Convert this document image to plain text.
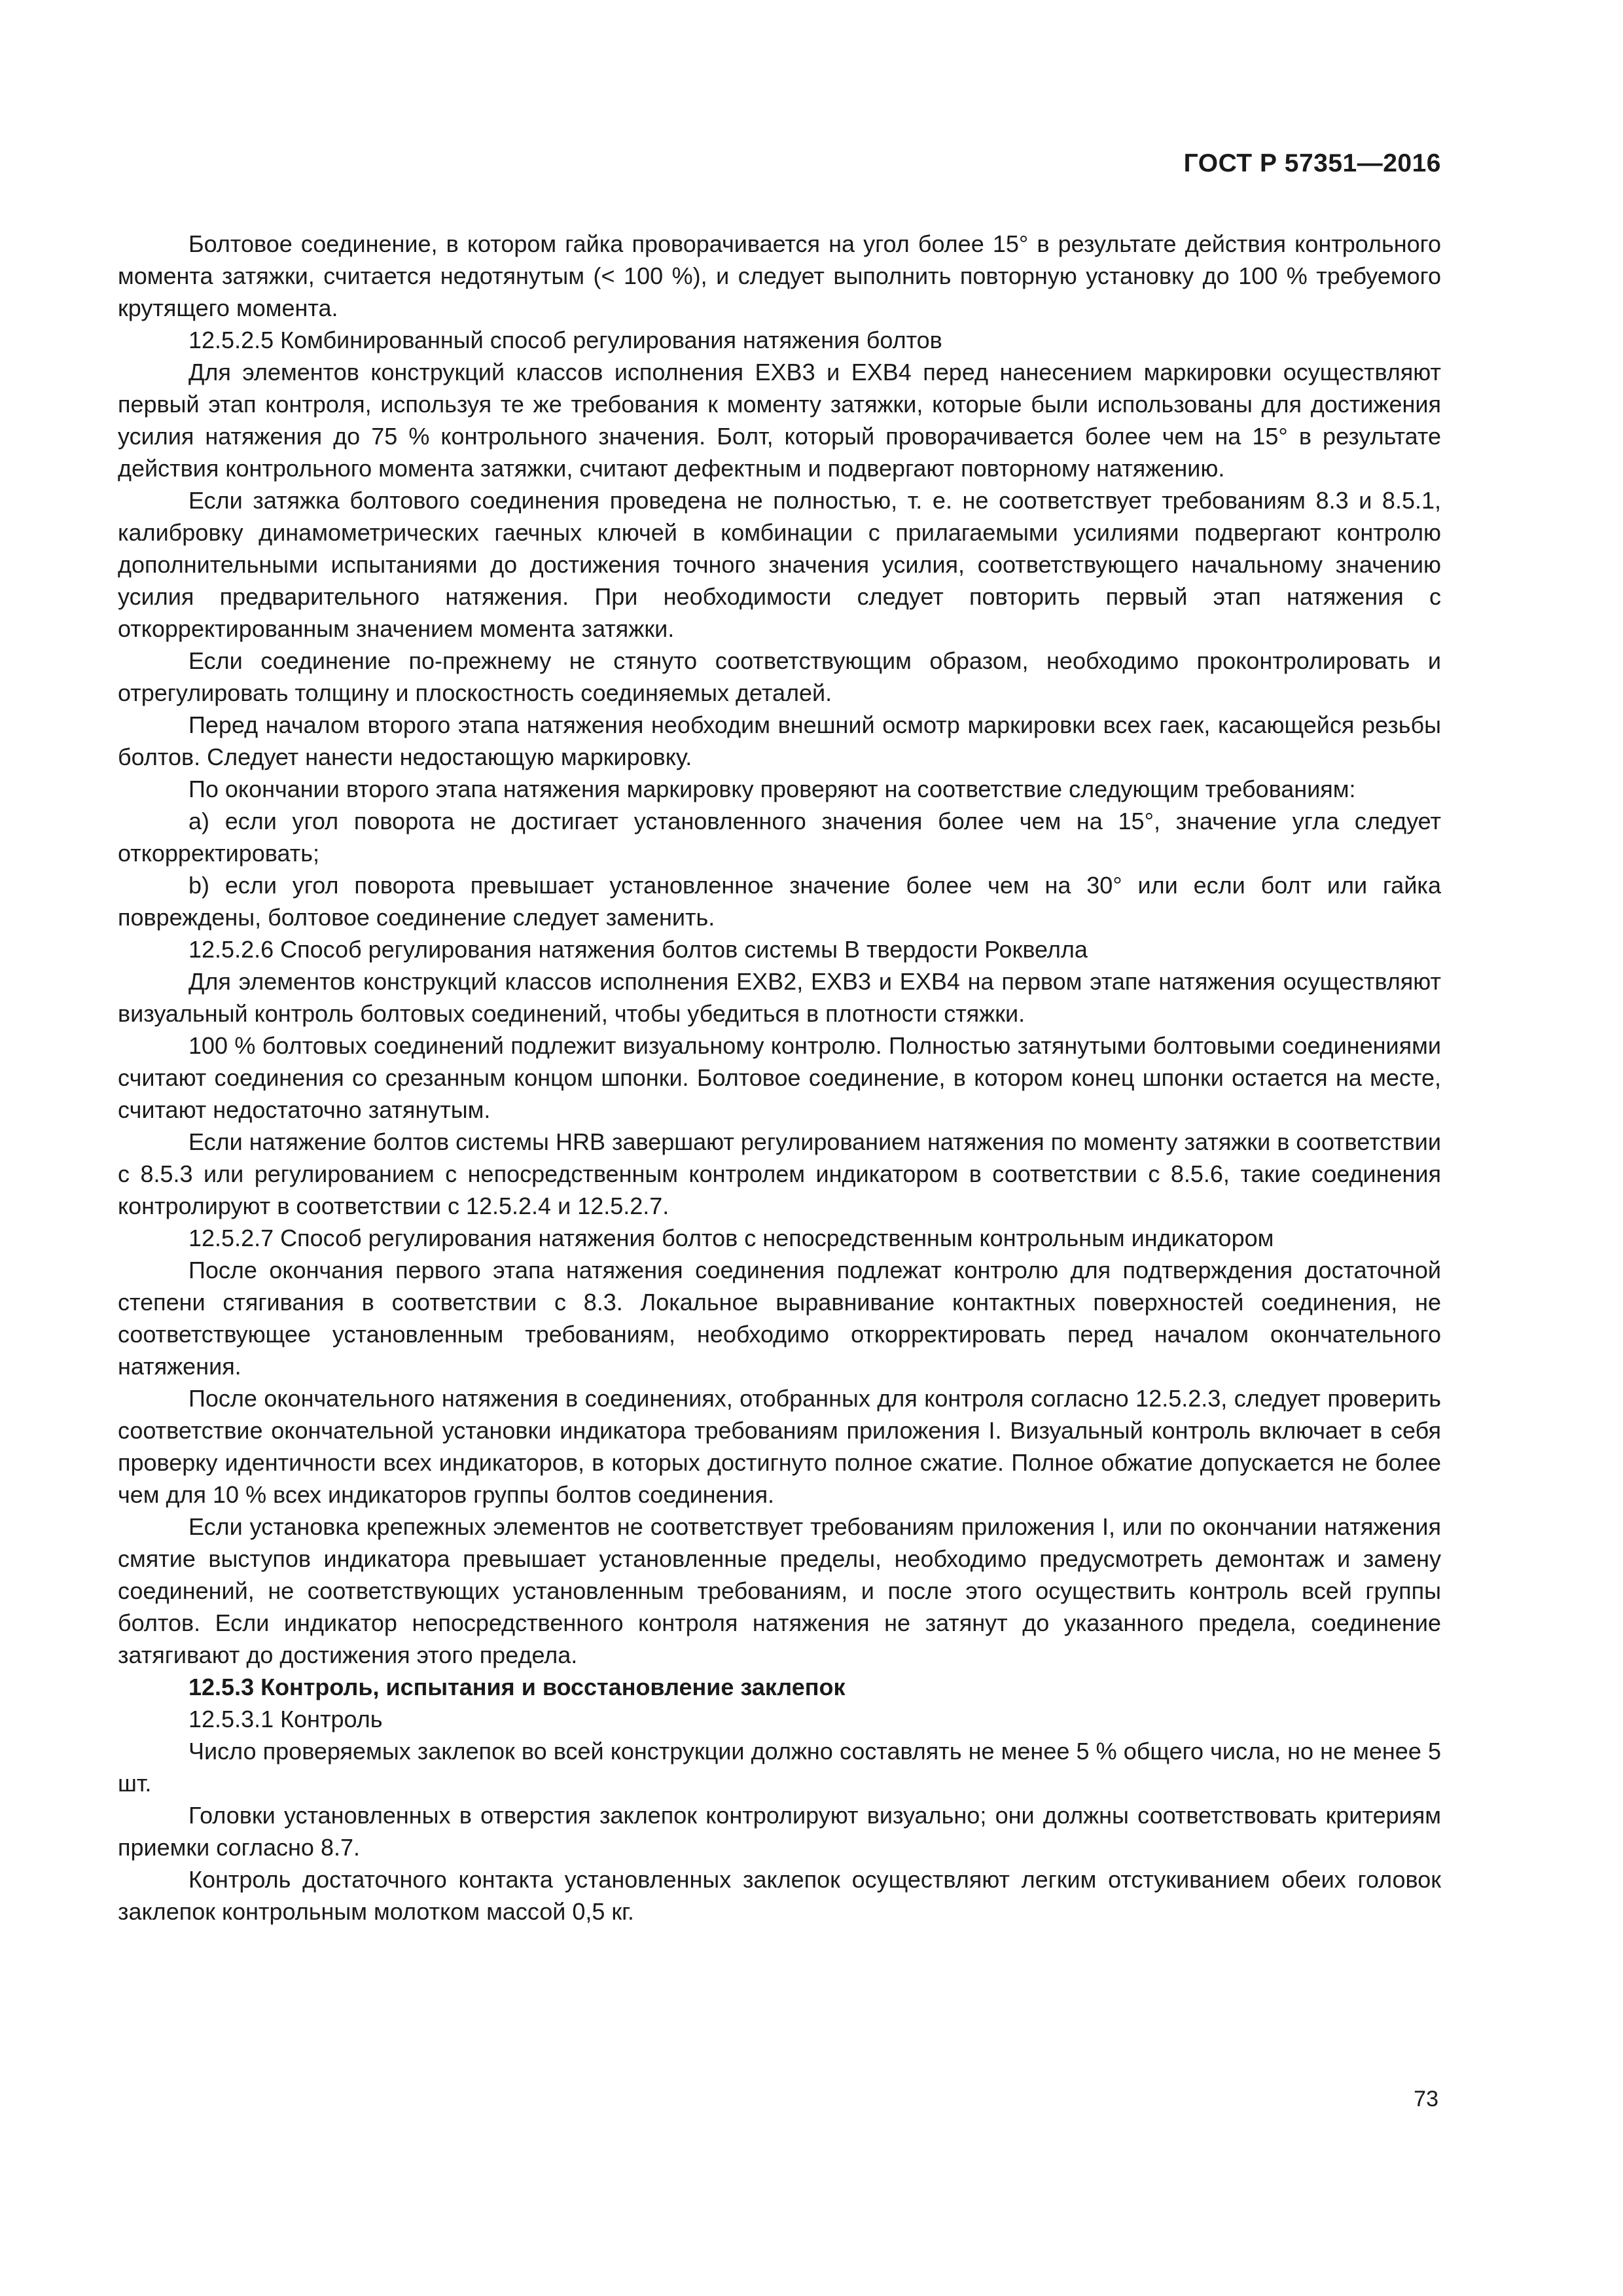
ГОСТ Р 57351—2016

Болтовое соединение, в котором гайка проворачивается на угол более 15° в результате действия контрольного момента затяжки, считается недотянутым (< 100 %), и следует выполнить повторную установку до 100 % требуемого крутящего момента.

12.5.2.5 Комбинированный способ регулирования натяжения болтов

Для элементов конструкций классов исполнения ЕХВ3 и ЕХВ4 перед нанесением маркировки осуществляют первый этап контроля, используя те же требования к моменту затяжки, которые были использованы для достижения усилия натяжения до 75 % контрольного значения. Болт, который проворачивается более чем на 15° в результате действия контрольного момента затяжки, считают дефектным и подвергают повторному натяжению.

Если затяжка болтового соединения проведена не полностью, т. е. не соответствует требованиям 8.3 и 8.5.1, калибровку динамометрических гаечных ключей в комбинации с прилагаемыми усилиями подвергают контролю дополнительными испытаниями до достижения точного значения усилия, соответствующего начальному значению усилия предварительного натяжения. При необходимости следует повторить первый этап натяжения с откорректированным значением момента затяжки.

Если соединение по-прежнему не стянуто соответствующим образом, необходимо проконтролировать и отрегулировать толщину и плоскостность соединяемых деталей.

Перед началом второго этапа натяжения необходим внешний осмотр маркировки всех гаек, касающейся резьбы болтов. Следует нанести недостающую маркировку.

По окончании второго этапа натяжения маркировку проверяют на соответствие следующим требованиям:

a) если угол поворота не достигает установленного значения более чем на 15°, значение угла следует откорректировать;

b) если угол поворота превышает установленное значение более чем на 30° или если болт или гайка повреждены, болтовое соединение следует заменить.

12.5.2.6 Способ регулирования натяжения болтов системы В твердости Роквелла

Для элементов конструкций классов исполнения ЕХВ2, ЕХВ3 и ЕХВ4 на первом этапе натяжения осуществляют визуальный контроль болтовых соединений, чтобы убедиться в плотности стяжки.

100 % болтовых соединений подлежит визуальному контролю. Полностью затянутыми болтовыми соединениями считают соединения со срезанным концом шпонки. Болтовое соединение, в котором конец шпонки остается на месте, считают недостаточно затянутым.

Если натяжение болтов системы HRB завершают регулированием натяжения по моменту затяжки в соответствии с 8.5.3 или регулированием с непосредственным контролем индикатором в соответствии с 8.5.6, такие соединения контролируют в соответствии с 12.5.2.4 и 12.5.2.7.

12.5.2.7 Способ регулирования натяжения болтов с непосредственным контрольным индикатором

После окончания первого этапа натяжения соединения подлежат контролю для подтверждения достаточной степени стягивания в соответствии с 8.3. Локальное выравнивание контактных поверхностей соединения, не соответствующее установленным требованиям, необходимо откорректировать перед началом окончательного натяжения.

После окончательного натяжения в соединениях, отобранных для контроля согласно 12.5.2.3, следует проверить соответствие окончательной установки индикатора требованиям приложения I. Визуальный контроль включает в себя проверку идентичности всех индикаторов, в которых достигнуто полное сжатие. Полное обжатие допускается не более чем для 10 % всех индикаторов группы болтов соединения.

Если установка крепежных элементов не соответствует требованиям приложения I, или по окончании натяжения смятие выступов индикатора превышает установленные пределы, необходимо предусмотреть демонтаж и замену соединений, не соответствующих установленным требованиям, и после этого осуществить контроль всей группы болтов. Если индикатор непосредственного контроля натяжения не затянут до указанного предела, соединение затягивают до достижения этого предела.

12.5.3 Контроль, испытания и восстановление заклепок

12.5.3.1 Контроль

Число проверяемых заклепок во всей конструкции должно составлять не менее 5 % общего числа, но не менее 5 шт.

Головки установленных в отверстия заклепок контролируют визуально; они должны соответствовать критериям приемки согласно 8.7.

Контроль достаточного контакта установленных заклепок осуществляют легким отстукиванием обеих головок заклепок контрольным молотком массой 0,5 кг.

73
